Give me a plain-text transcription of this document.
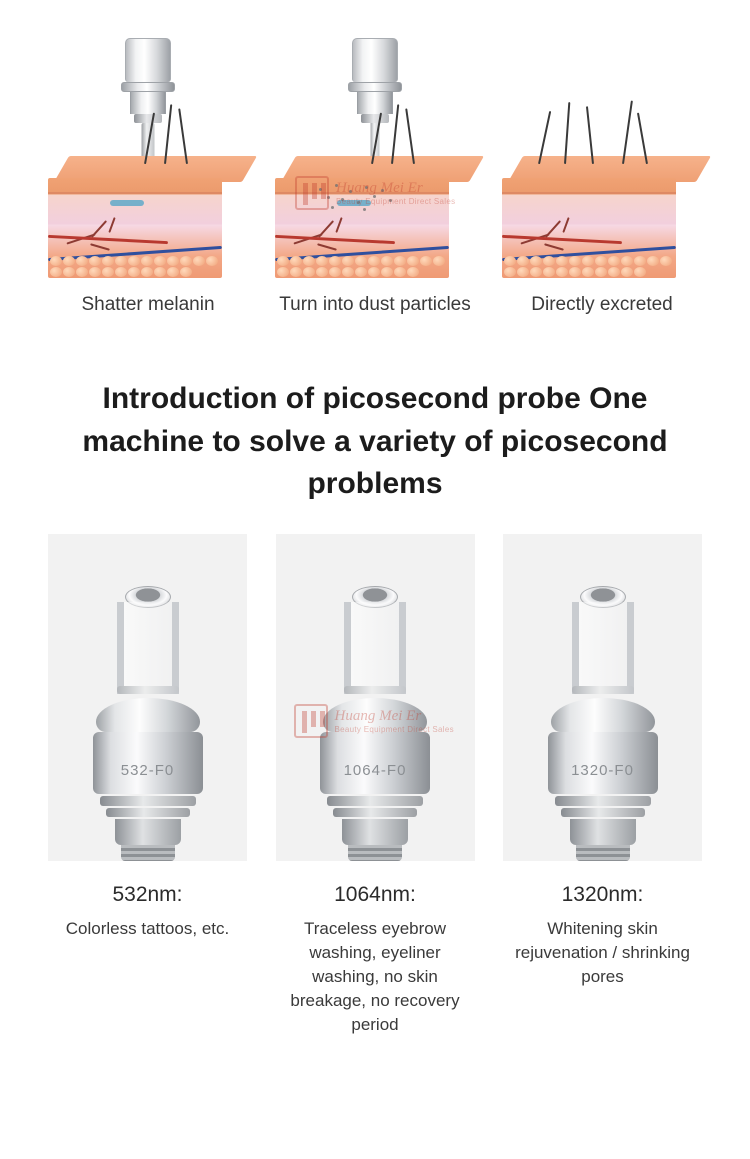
Shatter melanin	Turn into dust particles	Directly excreted
Huang Mei Er
Beauty Equipment Direct Sales
Introduction of picosecond probe One machine to solve a variety of picosecond problems
532-F0
532nm:
Colorless tattoos, etc.
1064-F0
Huang Mei Er
Beauty Equipment Direct Sales
1064nm:
Traceless eyebrow washing, eyeliner washing, no skin breakage, no recovery period
1320-F0
1320nm:
Whitening skin rejuvenation / shrinking pores
